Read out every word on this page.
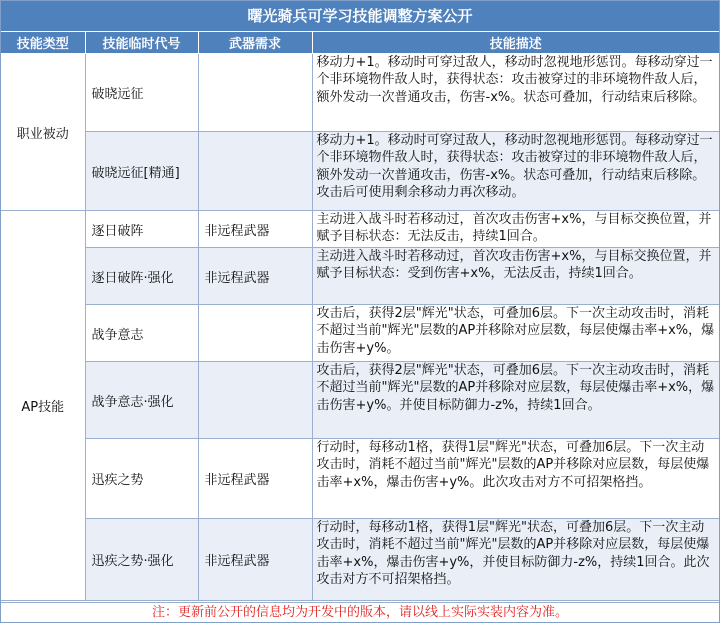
曙光骑兵可学习技能调整方案公开
技能类型	技能临时代号	武器需求	技能描述
职业被动	破晓远征		移动力+1。移动时可穿过敌人，移动时忽视地形惩罚。每移动穿过一个非环境物件敌人时，获得状态：攻击被穿过的非环境物件敌人后，额外发动一次普通攻击，伤害-x%。状态可叠加，行动结束后移除。
	破晓远征[精通]		移动力+1。移动时可穿过敌人，移动时忽视地形惩罚。每移动穿过一个非环境物件敌人时，获得状态：攻击被穿过的非环境物件敌人后，额外发动一次普通攻击，伤害-x%。状态可叠加，行动结束后移除。攻击后可使用剩余移动力再次移动。
AP技能	逐日破阵	非远程武器	主动进入战斗时若移动过，首次攻击伤害+x%，与目标交换位置，并赋予目标状态：无法反击，持续1回合。
	逐日破阵·强化	非远程武器	主动进入战斗时若移动过，首次攻击伤害+x%，与目标交换位置，并赋予目标状态：受到伤害+x%，无法反击，持续1回合。
	战争意志		攻击后，获得2层"辉光"状态，可叠加6层。下一次主动攻击时，消耗不超过当前"辉光"层数的AP并移除对应层数，每层使爆击率+x%，爆击伤害+y%。
	战争意志·强化		攻击后，获得2层"辉光"状态，可叠加6层。下一次主动攻击时，消耗不超过当前"辉光"层数的AP并移除对应层数，每层使爆击率+x%，爆击伤害+y%。并使目标防御力-z%，持续1回合。
	迅疾之势	非远程武器	行动时，每移动1格，获得1层"辉光"状态，可叠加6层。下一次主动攻击时，消耗不超过当前"辉光"层数的AP并移除对应层数，每层使爆击率+x%，爆击伤害+y%。此次攻击对方不可招架格挡。
	迅疾之势·强化	非远程武器	行动时，每移动1格，获得1层"辉光"状态，可叠加6层。下一次主动攻击时，消耗不超过当前"辉光"层数的AP并移除对应层数，每层使爆击率+x%，爆击伤害+y%，并使目标防御力-z%，持续1回合。此次攻击对方不可招架格挡。
注：更新前公开的信息均为开发中的版本，请以线上实际实装内容为准。
